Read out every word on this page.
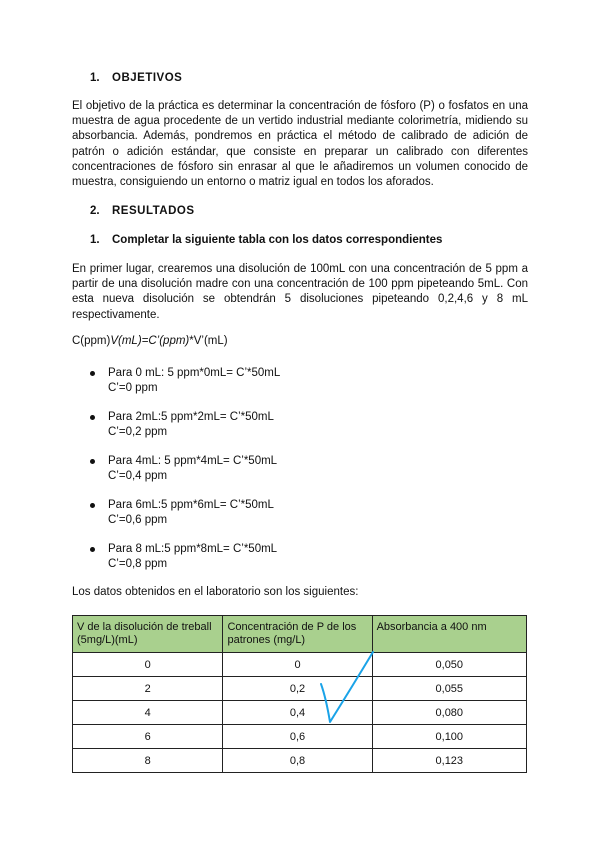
1. OBJETIVOS
El objetivo de la práctica es determinar la concentración de fósforo (P) o fosfatos en una muestra de agua procedente de un vertido industrial mediante colorimetría, midiendo su absorbancia. Además, pondremos en práctica el método de calibrado de adición de patrón o adición estándar, que consiste en preparar un calibrado con diferentes concentraciones de fósforo sin enrasar al que le añadiremos un volumen conocido de muestra, consiguiendo un entorno o matriz igual en todos los aforados.
2. RESULTADOS
1. Completar la siguiente tabla con los datos correspondientes
En primer lugar, crearemos una disolución de 100mL con una concentración de 5 ppm a partir de una disolución madre con una concentración de 100 ppm pipeteando 5mL. Con esta nueva disolución se obtendrán 5 disoluciones pipeteando 0,2,4,6 y 8 mL respectivamente.
C(ppm)V(mL)=C’(ppm)*V’(mL)
Para 0 mL: 5 ppm*0mL= C’*50mL
C’=0 ppm
Para 2mL:5 ppm*2mL= C’*50mL
C’=0,2 ppm
Para 4mL: 5 ppm*4mL= C’*50mL
C’=0,4 ppm
Para 6mL:5 ppm*6mL= C’*50mL
C’=0,6 ppm
Para 8 mL:5 ppm*8mL= C’*50mL
C’=0,8 ppm
Los datos obtenidos en el laboratorio son los siguientes:
V de la disolución de treball (5mg/L)(mL)	Concentración de P de los patrones (mg/L)	Absorbancia a 400 nm
0	0	0,050
2	0,2	0,055
4	0,4	0,080
6	0,6	0,100
8	0,8	0,123
